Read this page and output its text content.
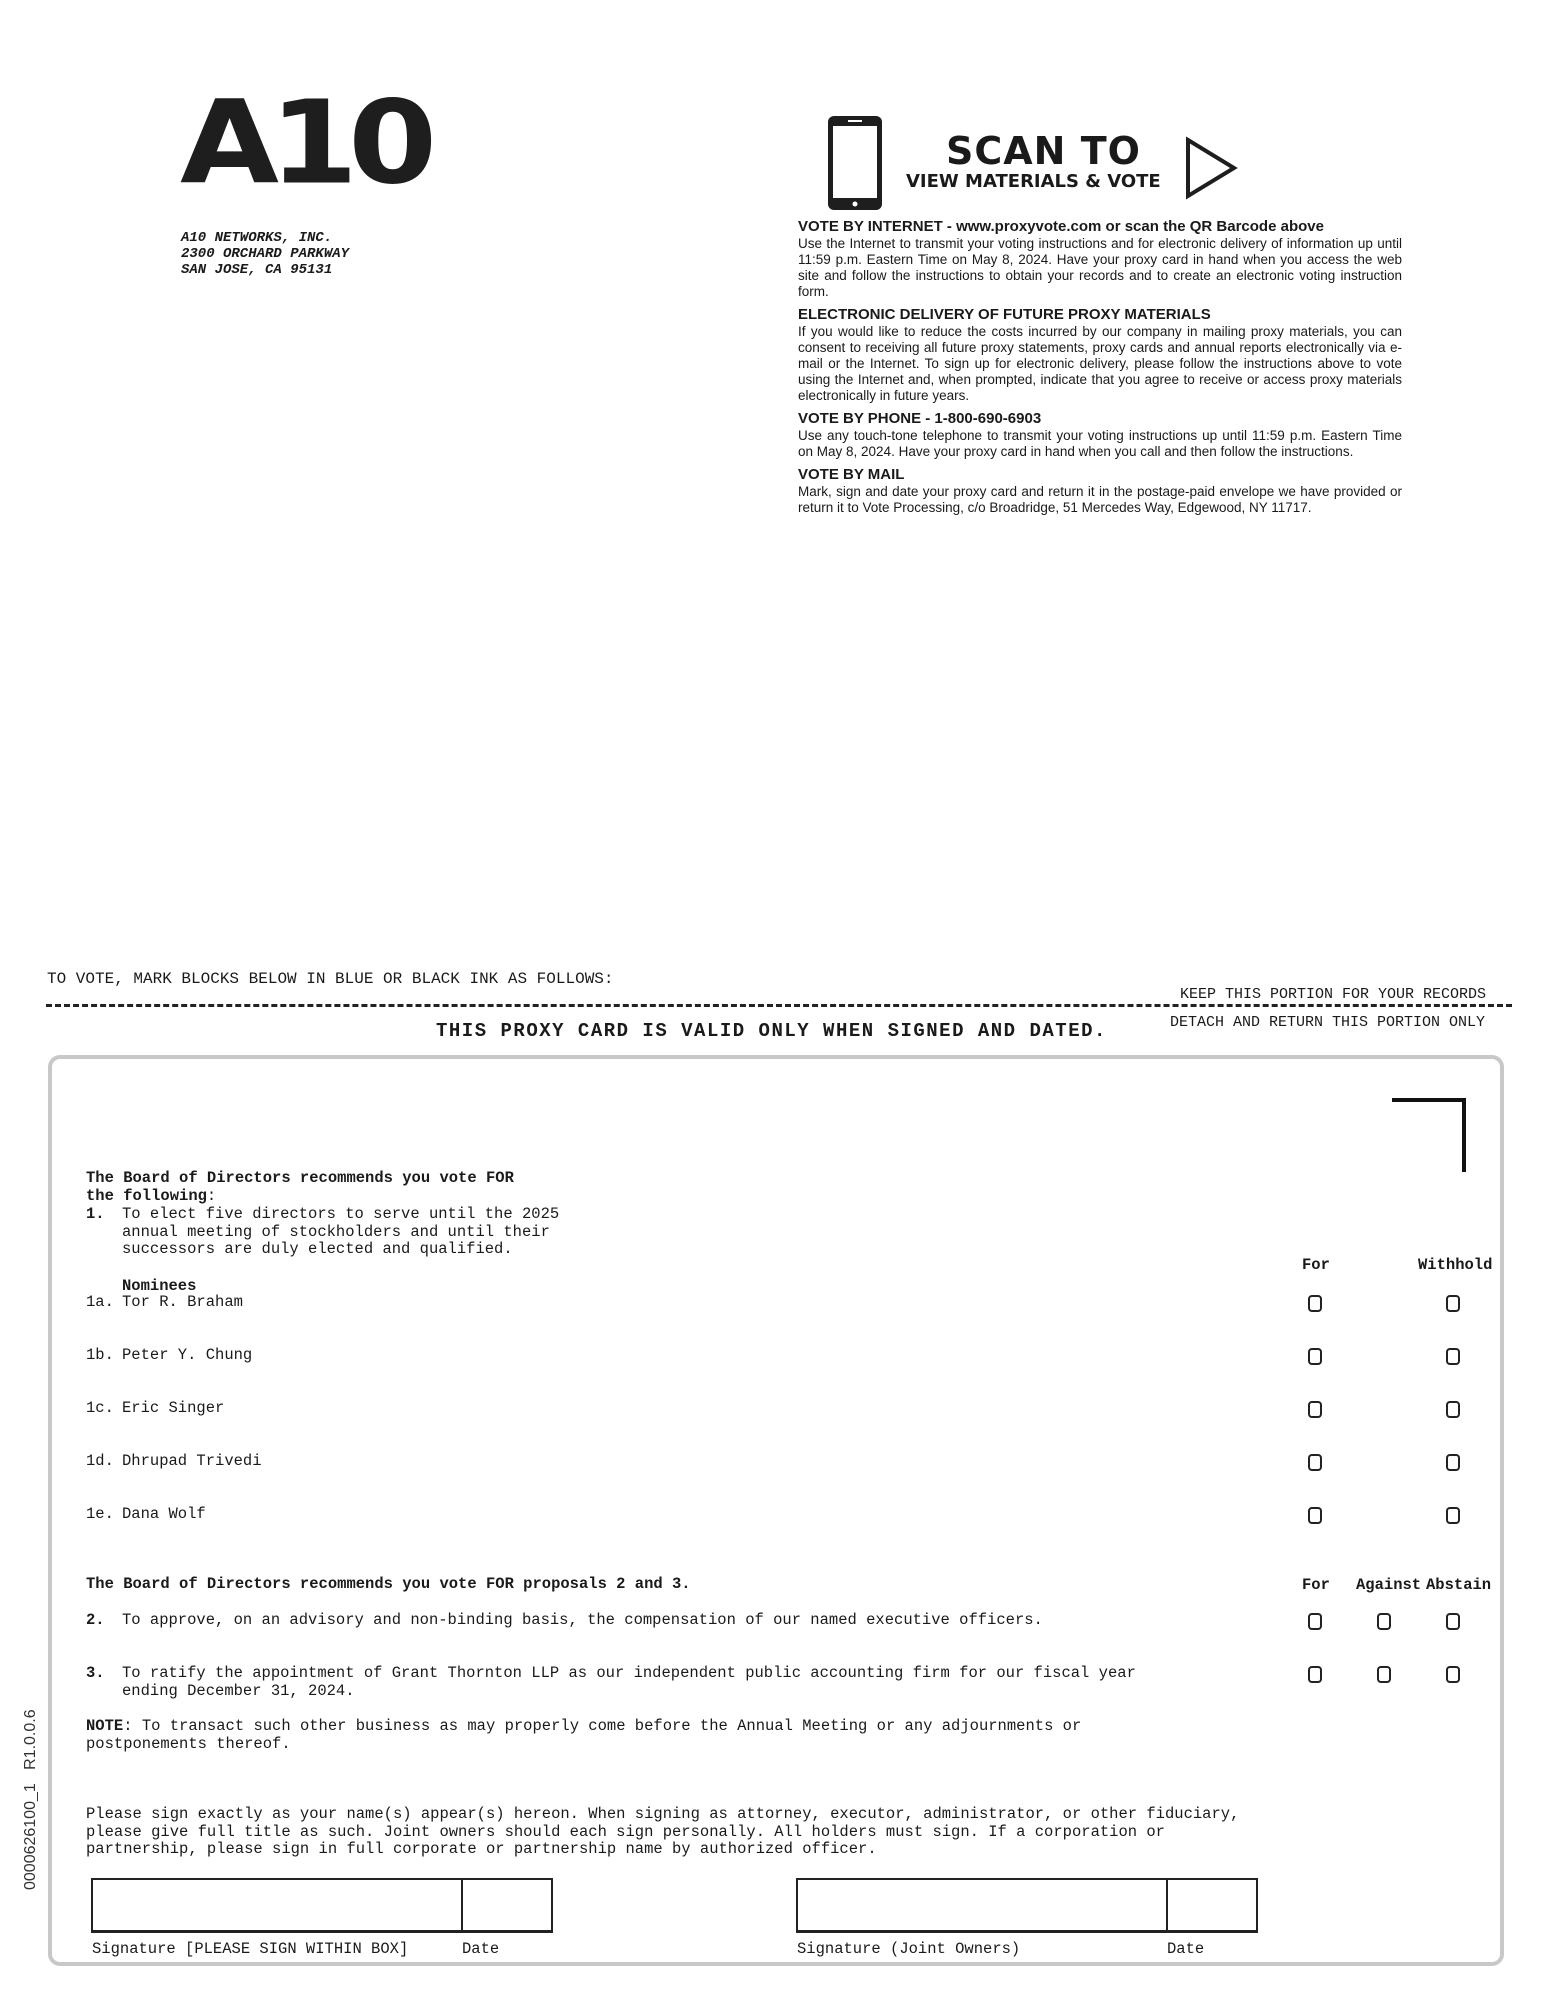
A10
A10 NETWORKS, INC.
2300 ORCHARD PARKWAY
SAN JOSE, CA 95131
SCAN TO
VIEW MATERIALS & VOTE
VOTE BY INTERNET - www.proxyvote.com or scan the QR Barcode above

Use the Internet to transmit your voting instructions and for electronic delivery of information up until 11:59 p.m. Eastern Time on May 8, 2024. Have your proxy card in hand when you access the web site and follow the instructions to obtain your records and to create an electronic voting instruction form.

ELECTRONIC DELIVERY OF FUTURE PROXY MATERIALS

If you would like to reduce the costs incurred by our company in mailing proxy materials, you can consent to receiving all future proxy statements, proxy cards and annual reports electronically via e-mail or the Internet. To sign up for electronic delivery, please follow the instructions above to vote using the Internet and, when prompted, indicate that you agree to receive or access proxy materials electronically in future years.

VOTE BY PHONE - 1-800-690-6903

Use any touch-tone telephone to transmit your voting instructions up until 11:59 p.m. Eastern Time on May 8, 2024. Have your proxy card in hand when you call and then follow the instructions.

VOTE BY MAIL

Mark, sign and date your proxy card and return it in the postage-paid envelope we have provided or return it to Vote Processing, c/o Broadridge, 51 Mercedes Way, Edgewood, NY 11717.

TO VOTE, MARK BLOCKS BELOW IN BLUE OR BLACK INK AS FOLLOWS:
KEEP THIS PORTION FOR YOUR RECORDS
THIS PROXY CARD IS VALID ONLY WHEN SIGNED AND DATED.	DETACH AND RETURN THIS PORTION ONLY
The Board of Directors recommends you vote FOR
the following:
1. To elect five directors to serve until the 2025
annual meeting of stockholders and until their
successors are duly elected and qualified.
Nominees
For	Withhold
1a. Tor R. Braham
1b. Peter Y. Chung
1c. Eric Singer
1d. Dhrupad Trivedi
1e. Dana Wolf
The Board of Directors recommends you vote FOR proposals 2 and 3.	For Against Abstain
2. To approve, on an advisory and non-binding basis, the compensation of our named executive officers.
3. To ratify the appointment of Grant Thornton LLP as our independent public accounting firm for our fiscal year
ending December 31, 2024.
NOTE: To transact such other business as may properly come before the Annual Meeting or any adjournments or
postponements thereof.
Please sign exactly as your name(s) appear(s) hereon. When signing as attorney, executor, administrator, or other fiduciary,
please give full title as such. Joint owners should each sign personally. All holders must sign. If a corporation or
partnership, please sign in full corporate or partnership name by authorized officer.
Signature [PLEASE SIGN WITHIN BOX]	Date	Signature (Joint Owners)	Date
0000626100_1   R1.0.0.6
